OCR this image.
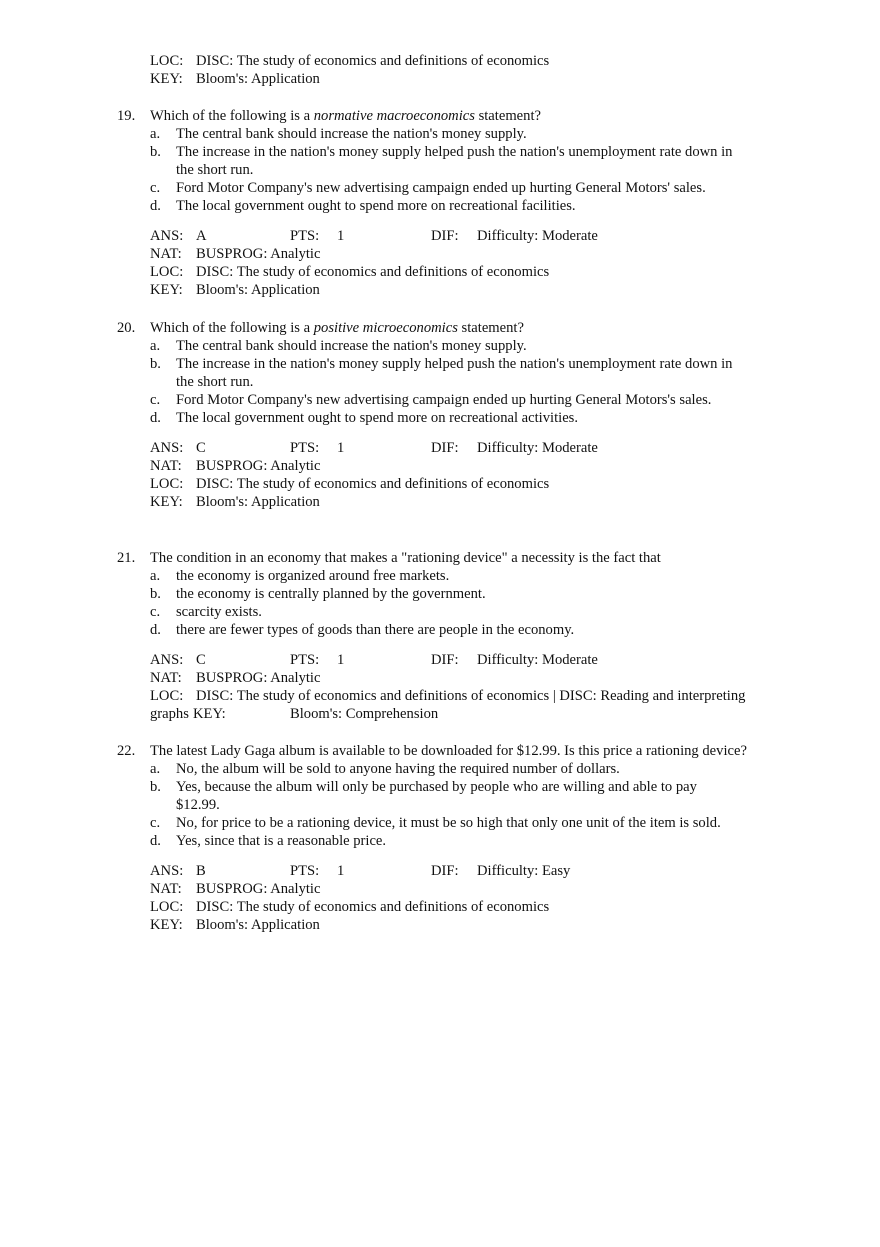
LOC: DISC: The study of economics and definitions of economics
KEY: Bloom's: Application
19. Which of the following is a normative macroeconomics statement?
a. The central bank should increase the nation's money supply.
b. The increase in the nation's money supply helped push the nation's unemployment rate down in the short run.
c. Ford Motor Company's new advertising campaign ended up hurting General Motors' sales.
d. The local government ought to spend more on recreational facilities.
ANS: A	PTS: 1	DIF: Difficulty: Moderate
NAT: BUSPROG: Analytic
LOC: DISC: The study of economics and definitions of economics
KEY: Bloom's: Application
20. Which of the following is a positive microeconomics statement?
a. The central bank should increase the nation's money supply.
b. The increase in the nation's money supply helped push the nation's unemployment rate down in the short run.
c. Ford Motor Company's new advertising campaign ended up hurting General Motors's sales.
d. The local government ought to spend more on recreational activities.
ANS: C	PTS: 1	DIF: Difficulty: Moderate
NAT: BUSPROG: Analytic
LOC: DISC: The study of economics and definitions of economics
KEY: Bloom's: Application
21. The condition in an economy that makes a "rationing device" a necessity is the fact that
a. the economy is organized around free markets.
b. the economy is centrally planned by the government.
c. scarcity exists.
d. there are fewer types of goods than there are people in the economy.
ANS: C	PTS: 1	DIF: Difficulty: Moderate
NAT: BUSPROG: Analytic
LOC: DISC: The study of economics and definitions of economics | DISC: Reading and interpreting
graphs KEY:	Bloom's: Comprehension
22. The latest Lady Gaga album is available to be downloaded for $12.99. Is this price a rationing device?
a. No, the album will be sold to anyone having the required number of dollars.
b. Yes, because the album will only be purchased by people who are willing and able to pay $12.99.
c. No, for price to be a rationing device, it must be so high that only one unit of the item is sold.
d. Yes, since that is a reasonable price.
ANS: B	PTS: 1	DIF: Difficulty: Easy
NAT: BUSPROG: Analytic
LOC: DISC: The study of economics and definitions of economics
KEY: Bloom's: Application
